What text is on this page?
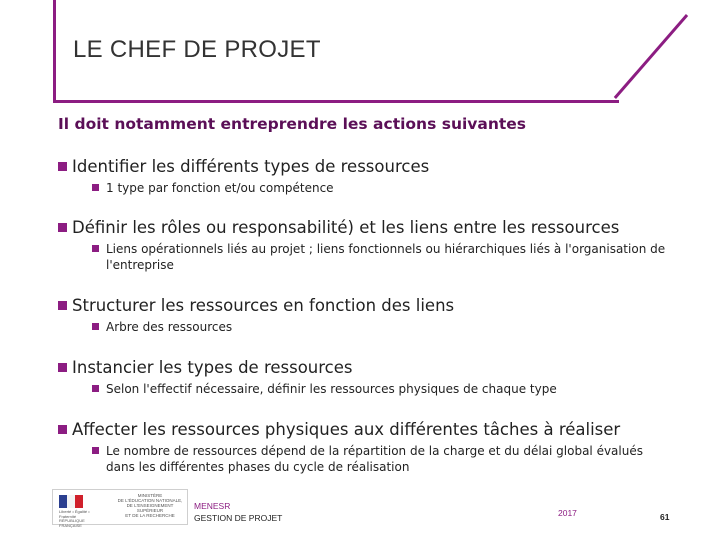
LE CHEF DE PROJET
Il doit notamment entreprendre les actions suivantes
Identifier les différents types de ressources
1 type par fonction et/ou compétence
Définir les rôles ou responsabilité) et les liens entre les ressources
Liens opérationnels liés au projet ; liens fonctionnels ou hiérarchiques liés à l'organisation de l'entreprise
Structurer les ressources en fonction des liens
Arbre des ressources
Instancier les types de ressources
Selon l'effectif nécessaire, définir les ressources physiques de chaque type
Affecter les ressources physiques aux différentes tâches à réaliser
Le nombre de ressources dépend de la répartition de la charge et du délai global évalués dans les différentes phases du cycle de réalisation
Liberté • Égalité • Fraternité RÉPUBLIQUE FRANÇAISE
MINISTÈRE
DE L'ÉDUCATION NATIONALE,
DE L'ENSEIGNEMENT SUPÉRIEUR
ET DE LA RECHERCHE
MENESR
GESTION DE PROJET	2017	61
